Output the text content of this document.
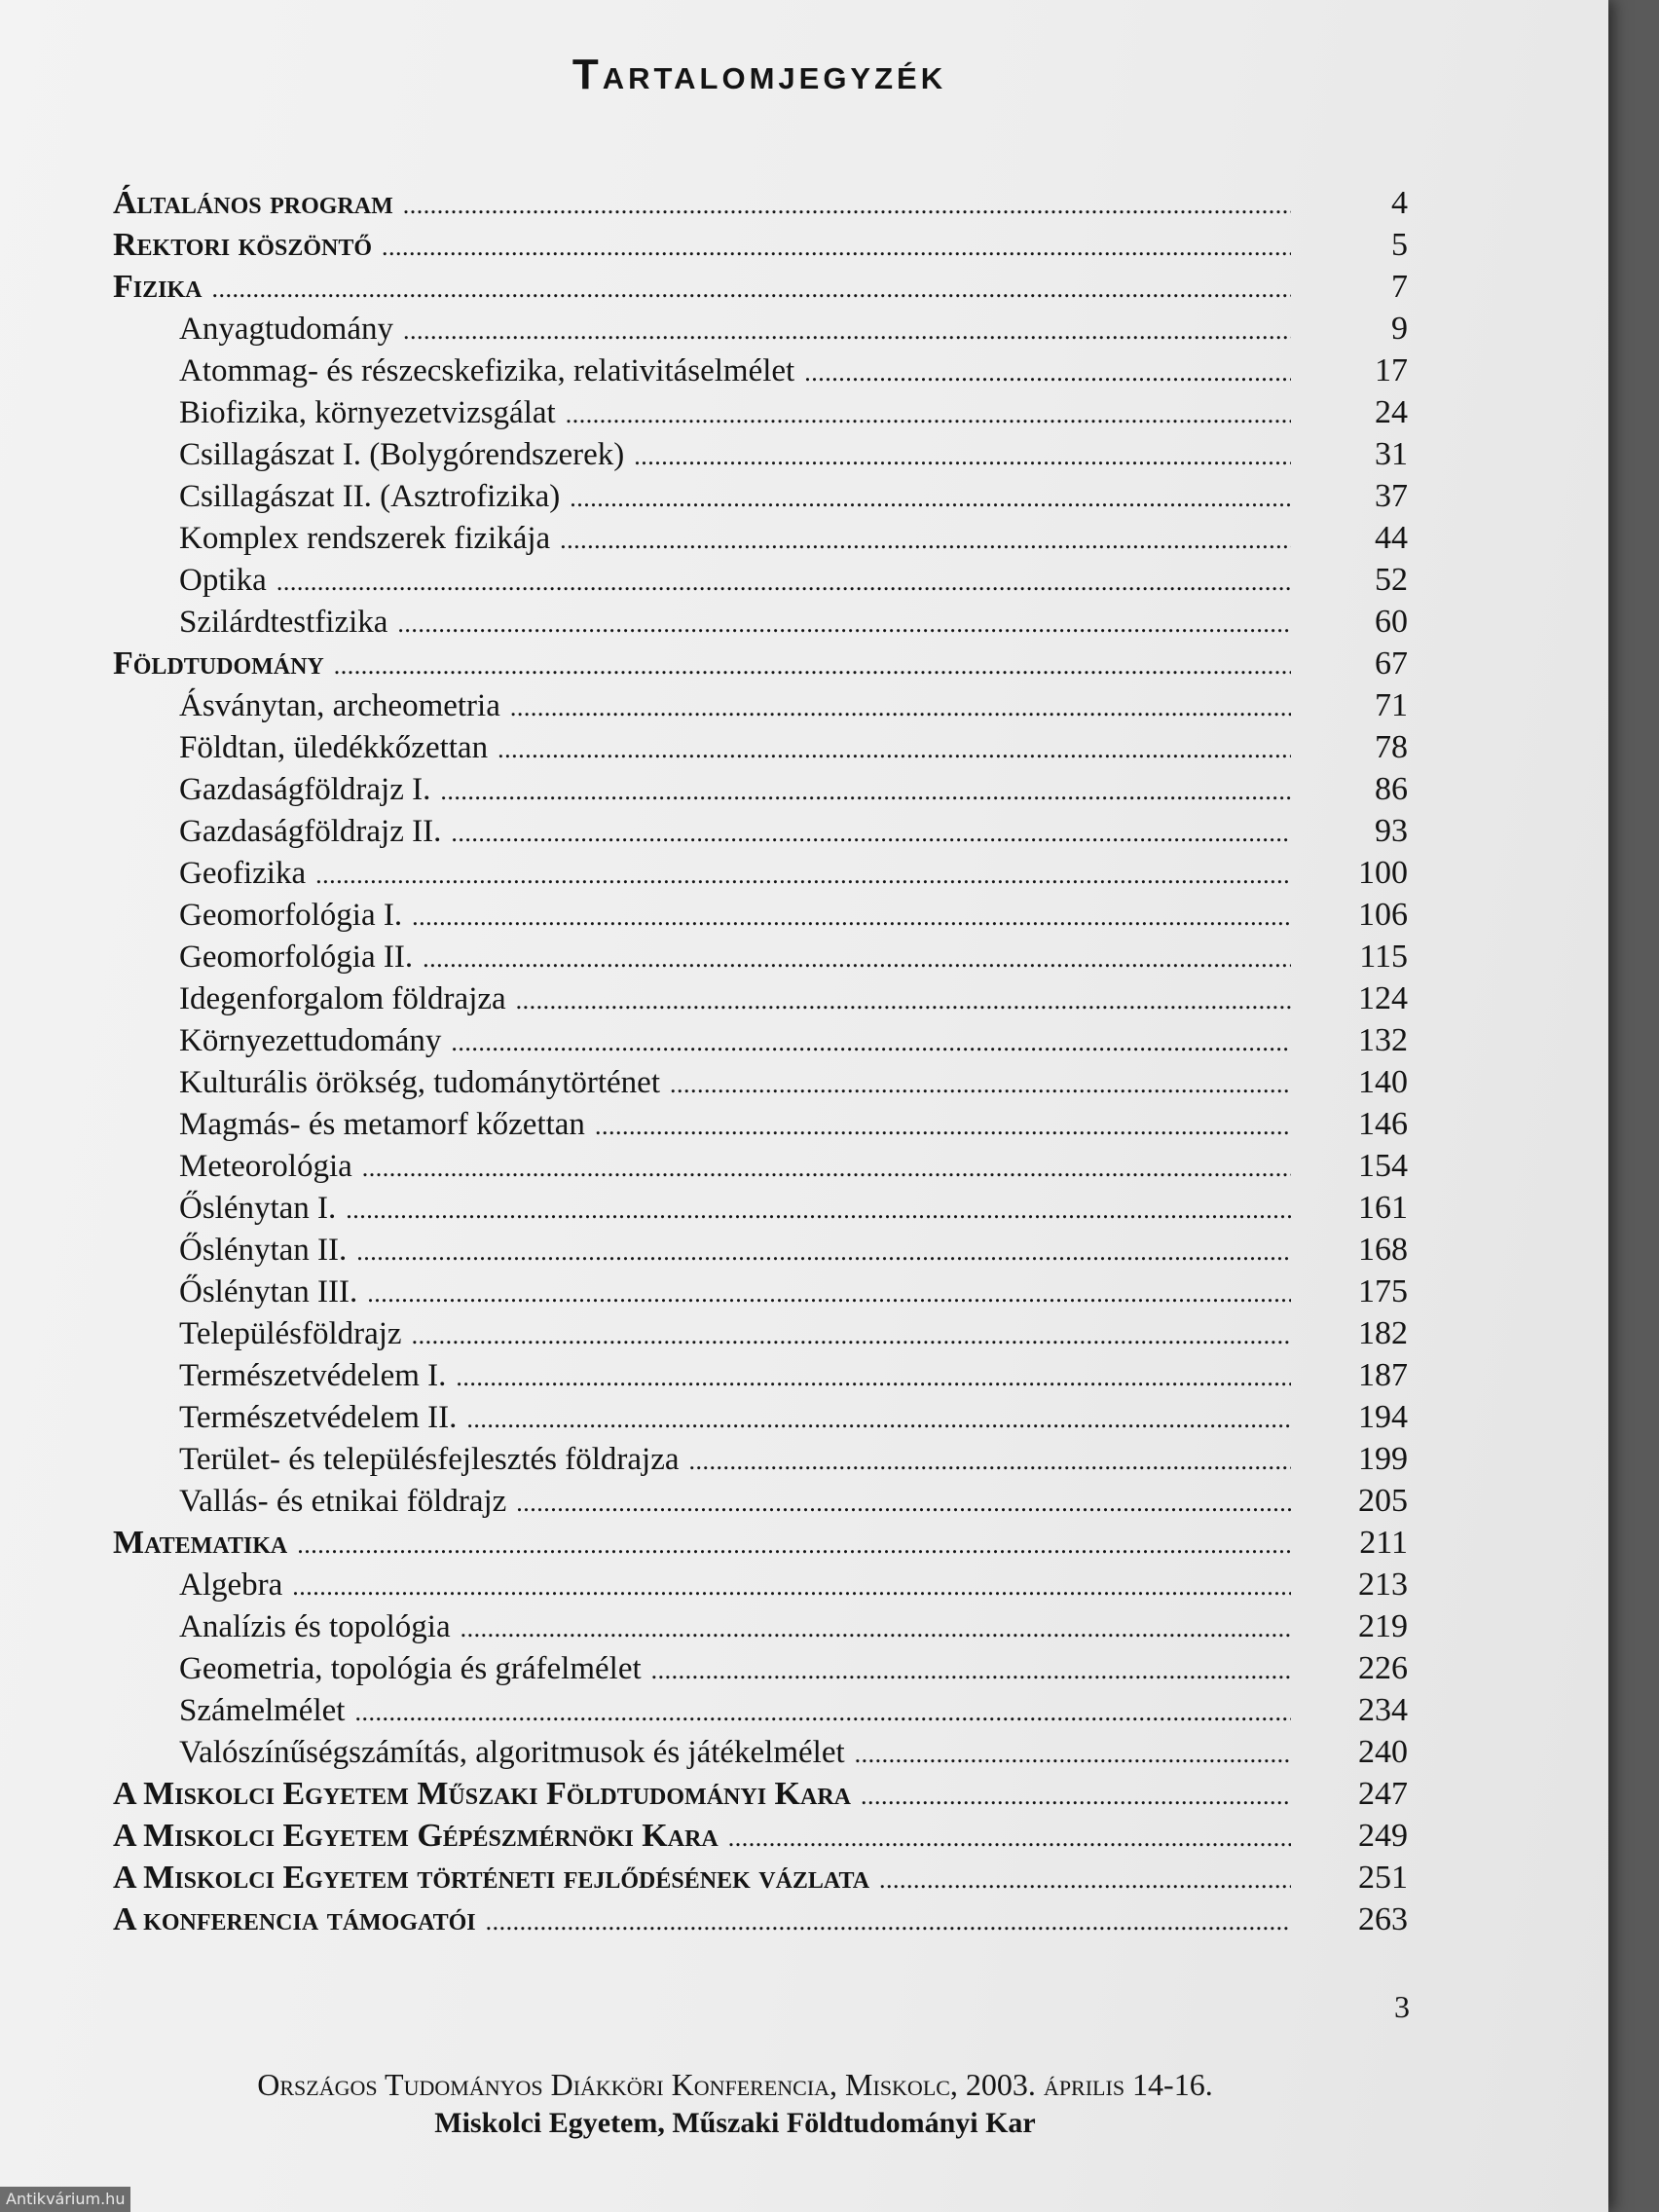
Tartalomjegyzék
Általános program . . .	4
Rektori köszöntő . . .	5
Fizika . . .	7
Anyagtudomány . . .	9
Atommag- és részecskefizika, relativitáselmélet . . .	17
Biofizika, környezetvizsgálat . . .	24
Csillagászat I. (Bolygórendszerek) . . .	31
Csillagászat II. (Asztrofizika) . . .	37
Komplex rendszerek fizikája . . .	44
Optika . . .	52
Szilárdtestfizika . . .	60
Földtudomány . . .	67
Ásványtan, archeometria . . .	71
Földtan, üledékkőzettan . . .	78
Gazdaságföldrajz I. . . .	86
Gazdaságföldrajz II. . . .	93
Geofizika . . .	100
Geomorfológia I. . . .	106
Geomorfológia II. . . .	115
Idegenforgalom földrajza . . .	124
Környezettudomány . . .	132
Kulturális örökség, tudománytörténet . . .	140
Magmás- és metamorf kőzettan . . .	146
Meteorológia . . .	154
Őslénytan I. . . .	161
Őslénytan II. . . .	168
Őslénytan III. . . .	175
Településföldrajz . . .	182
Természetvédelem I. . . .	187
Természetvédelem II. . . .	194
Terület- és településfejlesztés földrajza . . .	199
Vallás- és etnikai földrajz . . .	205
Matematika . . .	211
Algebra . . .	213
Analízis és topológia . . .	219
Geometria, topológia és gráfelmélet . . .	226
Számelmélet . . .	234
Valószínűségszámítás, algoritmusok és játékelmélet . . .	240
A Miskolci Egyetem Műszaki Földtudományi Kara . . .	247
A Miskolci Egyetem Gépészmérnöki Kara . . .	249
A Miskolci Egyetem történeti fejlődésének vázlata . . .	251
A konferencia támogatói . . .	263
3
Országos Tudományos Diákköri Konferencia, Miskolc, 2003. április 14-16.
Miskolci Egyetem, Műszaki Földtudományi Kar
Antikvárium.hu
